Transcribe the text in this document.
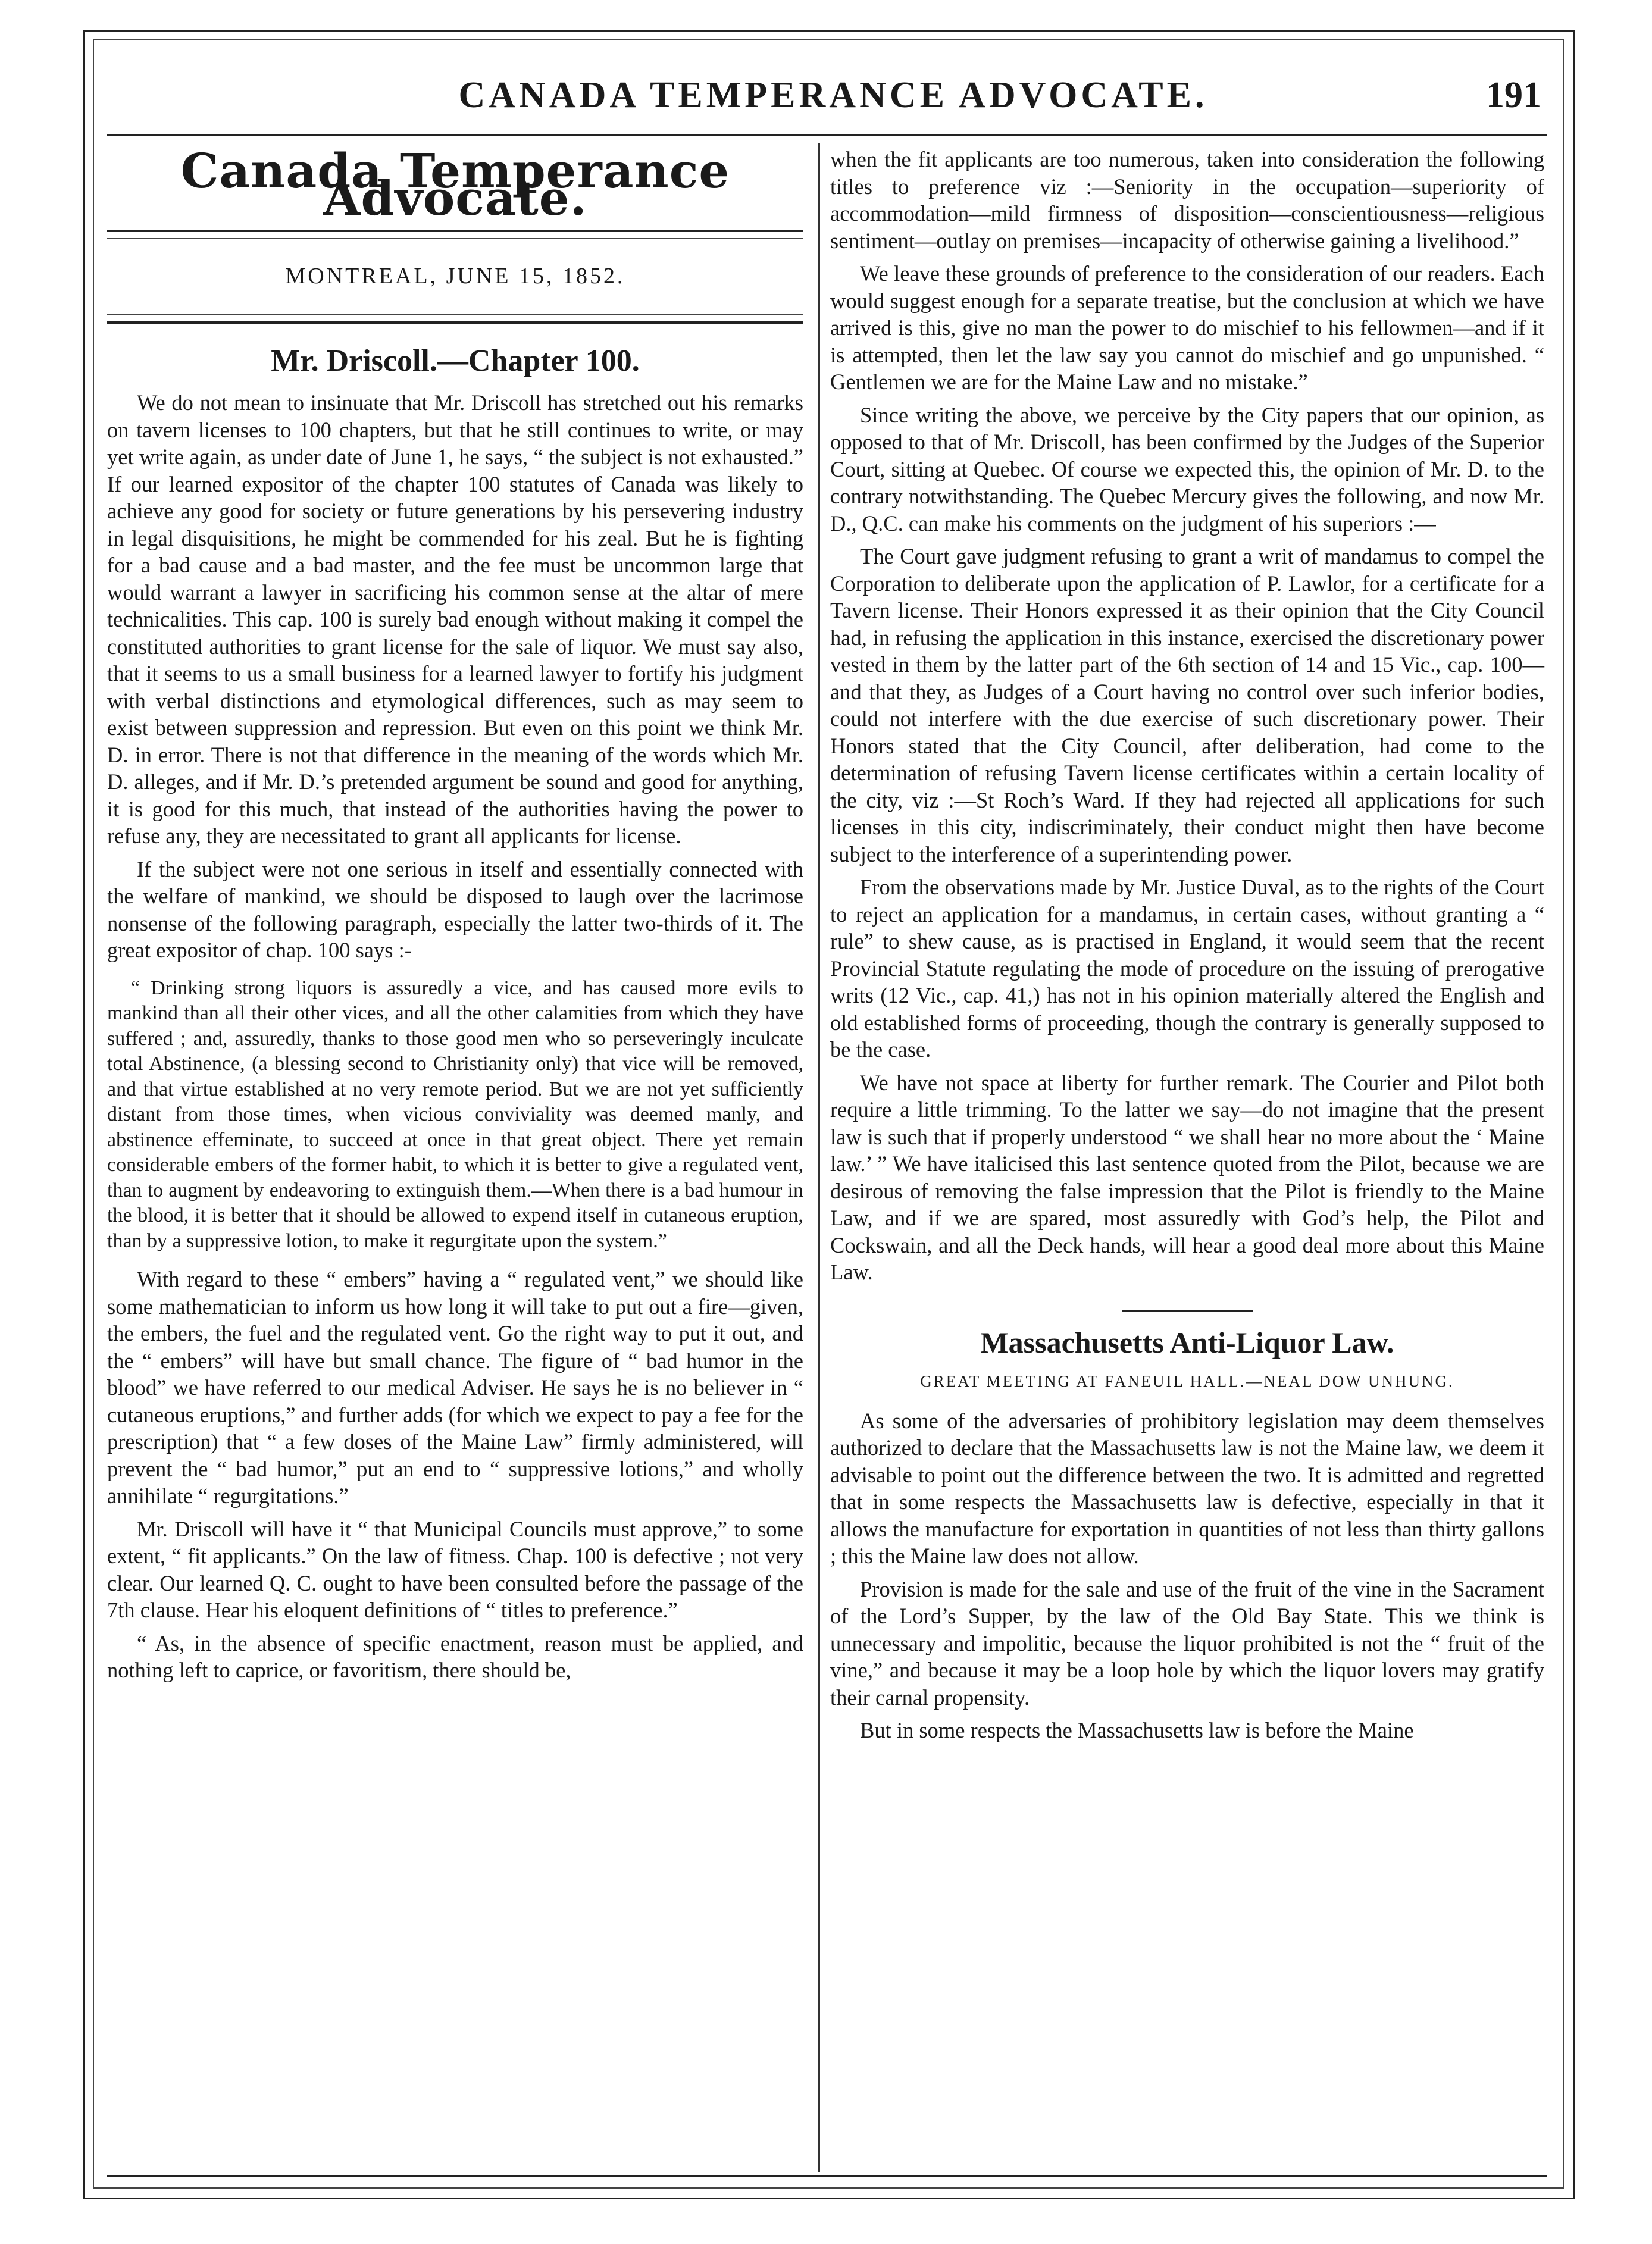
CANADA TEMPERANCE ADVOCATE.	191
Canada Temperance Advocate.
MONTREAL, JUNE 15, 1852.
Mr. Driscoll.—Chapter 100.

We do not mean to insinuate that Mr. Driscoll has stretched out his remarks on tavern licenses to 100 chapters, but that he still continues to write, or may yet write again, as under date of June 1, he says, “ the subject is not exhausted.” If our learned expositor of the chapter 100 statutes of Canada was likely to achieve any good for society or future generations by his persevering industry in legal disquisitions, he might be commended for his zeal. But he is fighting for a bad cause and a bad master, and the fee must be uncommon large that would warrant a lawyer in sacrificing his common sense at the altar of mere technicalities. This cap. 100 is surely bad enough without making it compel the constituted authorities to grant license for the sale of liquor. We must say also, that it seems to us a small business for a learned lawyer to fortify his judgment with verbal distinctions and etymological differences, such as may seem to exist between suppression and repression. But even on this point we think Mr. D. in error. There is not that difference in the meaning of the words which Mr. D. alleges, and if Mr. D.’s pretended argument be sound and good for anything, it is good for this much, that instead of the authorities having the power to refuse any, they are necessitated to grant all applicants for license.

If the subject were not one serious in itself and essentially connected with the welfare of mankind, we should be disposed to laugh over the lacrimose nonsense of the following paragraph, especially the latter two-thirds of it. The great expositor of chap. 100 says :-

“ Drinking strong liquors is assuredly a vice, and has caused more evils to mankind than all their other vices, and all the other calamities from which they have suffered ; and, assuredly, thanks to those good men who so perseveringly inculcate total Abstinence, (a blessing second to Christianity only) that vice will be removed, and that virtue established at no very remote period. But we are not yet sufficiently distant from those times, when vicious conviviality was deemed manly, and abstinence effeminate, to succeed at once in that great object. There yet remain considerable embers of the former habit, to which it is better to give a regulated vent, than to augment by endeavoring to extinguish them.—When there is a bad humour in the blood, it is better that it should be allowed to expend itself in cutaneous eruption, than by a suppressive lotion, to make it regurgitate upon the system.”

With regard to these “ embers” having a “ regulated vent,” we should like some mathematician to inform us how long it will take to put out a fire—given, the embers, the fuel and the regulated vent. Go the right way to put it out, and the “ embers” will have but small chance. The figure of “ bad humor in the blood” we have referred to our medical Adviser. He says he is no believer in “ cutaneous eruptions,” and further adds (for which we expect to pay a fee for the prescription) that “ a few doses of the Maine Law” firmly administered, will prevent the “ bad humor,” put an end to “ suppressive lotions,” and wholly annihilate “ regurgitations.”

Mr. Driscoll will have it “ that Municipal Councils must approve,” to some extent, “ fit applicants.” On the law of fitness. Chap. 100 is defective ; not very clear. Our learned Q. C. ought to have been consulted before the passage of the 7th clause. Hear his eloquent definitions of “ titles to preference.”

“ As, in the absence of specific enactment, reason must be applied, and nothing left to caprice, or favoritism, there should be,

when the fit applicants are too numerous, taken into consideration the following titles to preference viz :—Seniority in the occupation—superiority of accommodation—mild firmness of disposition—conscientiousness—religious sentiment—outlay on premises—incapacity of otherwise gaining a livelihood.”

We leave these grounds of preference to the consideration of our readers. Each would suggest enough for a separate treatise, but the conclusion at which we have arrived is this, give no man the power to do mischief to his fellowmen—and if it is attempted, then let the law say you cannot do mischief and go unpunished. “ Gentlemen we are for the Maine Law and no mistake.”

Since writing the above, we perceive by the City papers that our opinion, as opposed to that of Mr. Driscoll, has been confirmed by the Judges of the Superior Court, sitting at Quebec. Of course we expected this, the opinion of Mr. D. to the contrary notwithstanding. The Quebec Mercury gives the following, and now Mr. D., Q.C. can make his comments on the judgment of his superiors :—

The Court gave judgment refusing to grant a writ of mandamus to compel the Corporation to deliberate upon the application of P. Lawlor, for a certificate for a Tavern license. Their Honors expressed it as their opinion that the City Council had, in refusing the application in this instance, exercised the discretionary power vested in them by the latter part of the 6th section of 14 and 15 Vic., cap. 100—and that they, as Judges of a Court having no control over such inferior bodies, could not interfere with the due exercise of such discretionary power. Their Honors stated that the City Council, after deliberation, had come to the determination of refusing Tavern license certificates within a certain locality of the city, viz :—St Roch’s Ward. If they had rejected all applications for such licenses in this city, indiscriminately, their conduct might then have become subject to the interference of a superintending power.

From the observations made by Mr. Justice Duval, as to the rights of the Court to reject an application for a mandamus, in certain cases, without granting a “ rule” to shew cause, as is practised in England, it would seem that the recent Provincial Statute regulating the mode of procedure on the issuing of prerogative writs (12 Vic., cap. 41,) has not in his opinion materially altered the English and old established forms of proceeding, though the contrary is generally supposed to be the case.

We have not space at liberty for further remark. The Courier and Pilot both require a little trimming. To the latter we say—do not imagine that the present law is such that if properly understood “ we shall hear no more about the ‘ Maine law.’ ” We have italicised this last sentence quoted from the Pilot, because we are desirous of removing the false impression that the Pilot is friendly to the Maine Law, and if we are spared, most assuredly with God’s help, the Pilot and Cockswain, and all the Deck hands, will hear a good deal more about this Maine Law.

Massachusetts Anti-Liquor Law.
GREAT MEETING AT FANEUIL HALL.—NEAL DOW UNHUNG.

As some of the adversaries of prohibitory legislation may deem themselves authorized to declare that the Massachusetts law is not the Maine law, we deem it advisable to point out the difference between the two. It is admitted and regretted that in some respects the Massachusetts law is defective, especially in that it allows the manufacture for exportation in quantities of not less than thirty gallons ; this the Maine law does not allow.

Provision is made for the sale and use of the fruit of the vine in the Sacrament of the Lord’s Supper, by the law of the Old Bay State. This we think is unnecessary and impolitic, because the liquor prohibited is not the “ fruit of the vine,” and because it may be a loop hole by which the liquor lovers may gratify their carnal propensity.

But in some respects the Massachusetts law is before the Maine
